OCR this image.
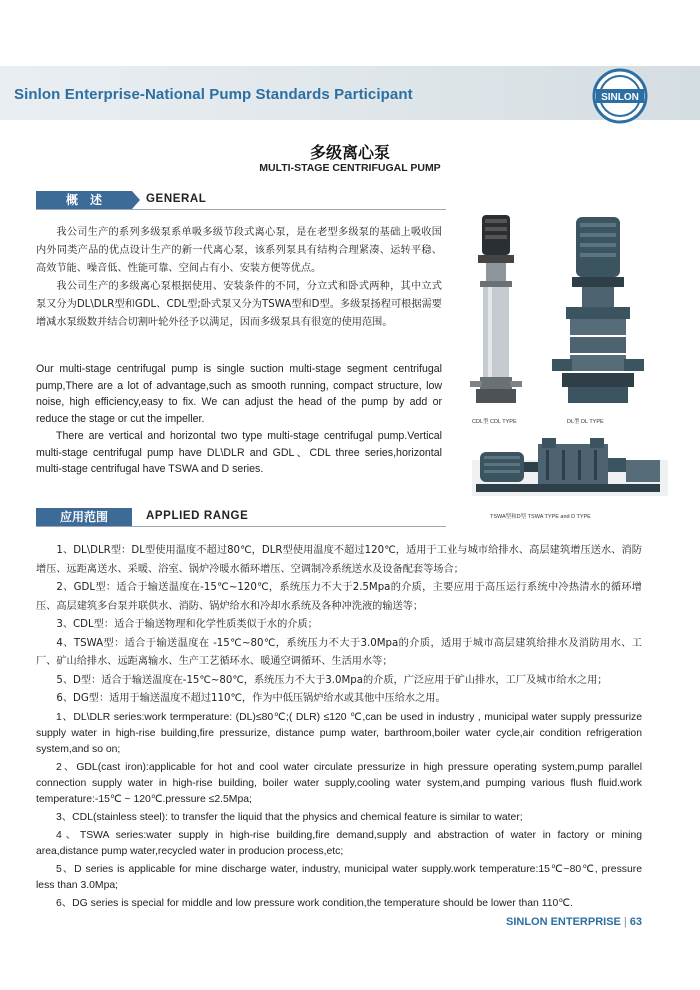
Sinlon Enterprise-National Pump Standards Participant	SINLON
多级离心泵
MULTI-STAGE CENTRIFUGAL PUMP
概　述	GENERAL

我公司生产的系列多级泵系单吸多级节段式离心泵，是在老型多级泵的基础上吸收国内外同类产品的优点设计生产的新一代离心泵，该系列泵具有结构合理紧凑、运转平稳、高效节能、噪音低、性能可靠、空间占有小、安装方便等优点。

我公司生产的多级离心泵根据使用、安装条件的不同，分立式和卧式两种，其中立式泵又分为DL\DLR型和GDL、CDL型;卧式泵又分为TSWA型和D型。多级泵扬程可根据需要增减水泵级数并结合切割叶轮外径予以满足，因而多级泵具有很宽的使用范围。

Our multi-stage centrifugal pump is single suction multi-stage segment centrifugal pump,There are a lot of advantage,such as smooth running, compact structure, low noise, high efficiency,easy to fix. We can adjust the head of the pump by add or reduce the stage or cut the impeller.

There are vertical and horizontal two type multi-stage centrifugal pump.Vertical multi-stage centrifugal pump have DL\DLR and GDL、CDL three series,horizontal multi-stage centrifugal have TSWA and D series.

CDL型 CDL TYPE	DL型 DL TYPE
TSWA型和D型 TSWA TYPE and D TYPE
应用范围	APPLIED RANGE

1、DL\DLR型：DL型使用温度不超过80℃，DLR型使用温度不超过120℃，适用于工业与城市给排水、高层建筑增压送水、消防增压、远距离送水、采暖、浴室、锅炉冷暖水循环增压、空调制冷系统送水及设备配套等场合；

2、GDL型：适合于输送温度在-15℃~120℃，系统压力不大于2.5Mpa的介质，主要应用于高压运行系统中冷热清水的循环增压、高层建筑多台泵并联供水、消防、锅炉给水和冷却水系统及各种冲洗液的输送等；

3、CDL型：适合于输送物理和化学性质类似于水的介质；

4、TSWA型：适合于输送温度在 -15℃~80℃，系统压力不大于3.0Mpa的介质，适用于城市高层建筑给排水及消防用水、工厂、矿山给排水、远距离输水、生产工艺循环水、暖通空调循环、生活用水等；

5、D型：适合于输送温度在-15℃~80℃，系统压力不大于3.0Mpa的介质，广泛应用于矿山排水，工厂及城市给水之用；

6、DG型：适用于输送温度不超过110℃，作为中低压锅炉给水或其他中压给水之用。

1、DL\DLR series:work termperature: (DL)≤80℃;( DLR) ≤120 ℃,can be used in industry , municipal water supply pressurize supply water in high-rise building,fire pressurize, distance pump water, barthroom,boiler water cycle,air condition refrigeration system,and so on;

2、GDL(cast iron):applicable for hot and cool water circulate pressurize in high pressure operating system,pump parallel connection supply water in high-rise building, boiler water supply,cooling water system,and pumping various flush fluid.work temperature:-15℃ ~ 120℃.pressure ≤2.5Mpa;

3、CDL(stainless steel): to transfer the liquid that the physics and chemical feature is similar to water;

4、TSWA series:water supply in high-rise building,fire demand,supply and abstraction of water in factory or mining area,distance pump water,recycled water in producion process,etc;

5、D series is applicable for mine discharge water, industry, municipal water supply.work temperature:15℃~80℃, pressure less than 3.0Mpa;

6、DG series is special for middle and low pressure work condition,the temperature should be lower than 110℃.

SINLON ENTERPRISE | 63
